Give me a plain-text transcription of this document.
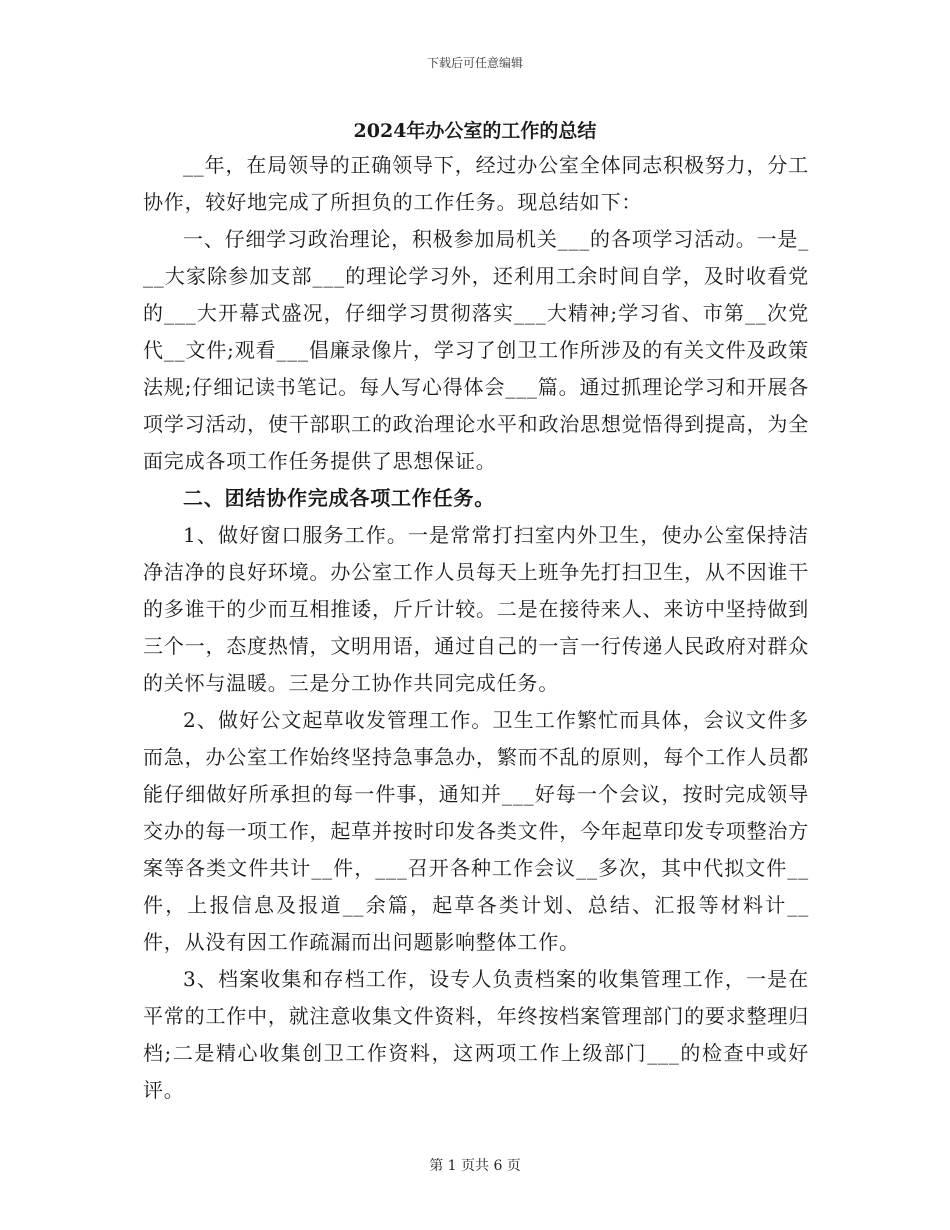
下载后可任意编辑
2024年办公室的工作的总结

__年，在局领导的正确领导下，经过办公室全体同志积极努力，分工协作，较好地完成了所担负的工作任务。现总结如下：

一、仔细学习政治理论，积极参加局机关___的各项学习活动。一是___大家除参加支部___的理论学习外，还利用工余时间自学，及时收看党的___大开幕式盛况，仔细学习贯彻落实___大精神;学习省、市第__次党代__文件;观看___倡廉录像片，学习了创卫工作所涉及的有关文件及政策法规;仔细记读书笔记。每人写心得体会___篇。通过抓理论学习和开展各项学习活动，使干部职工的政治理论水平和政治思想觉悟得到提高，为全面完成各项工作任务提供了思想保证。

二、团结协作完成各项工作任务。

1、做好窗口服务工作。一是常常打扫室内外卫生，使办公室保持洁净洁净的良好环境。办公室工作人员每天上班争先打扫卫生，从不因谁干的多谁干的少而互相推诿，斤斤计较。二是在接待来人、来访中坚持做到三个一，态度热情，文明用语，通过自己的一言一行传递人民政府对群众的关怀与温暖。三是分工协作共同完成任务。

2、做好公文起草收发管理工作。卫生工作繁忙而具体，会议文件多而急，办公室工作始终坚持急事急办，繁而不乱的原则，每个工作人员都能仔细做好所承担的每一件事，通知并___好每一个会议，按时完成领导交办的每一项工作，起草并按时印发各类文件，今年起草印发专项整治方案等各类文件共计__件，___召开各种工作会议__多次，其中代拟文件__件，上报信息及报道__余篇，起草各类计划、总结、汇报等材料计__件，从没有因工作疏漏而出问题影响整体工作。

3、档案收集和存档工作，设专人负责档案的收集管理工作，一是在平常的工作中，就注意收集文件资料，年终按档案管理部门的要求整理归档;二是精心收集创卫工作资料，这两项工作上级部门___的检查中或好评。

第 1 页共 6 页
